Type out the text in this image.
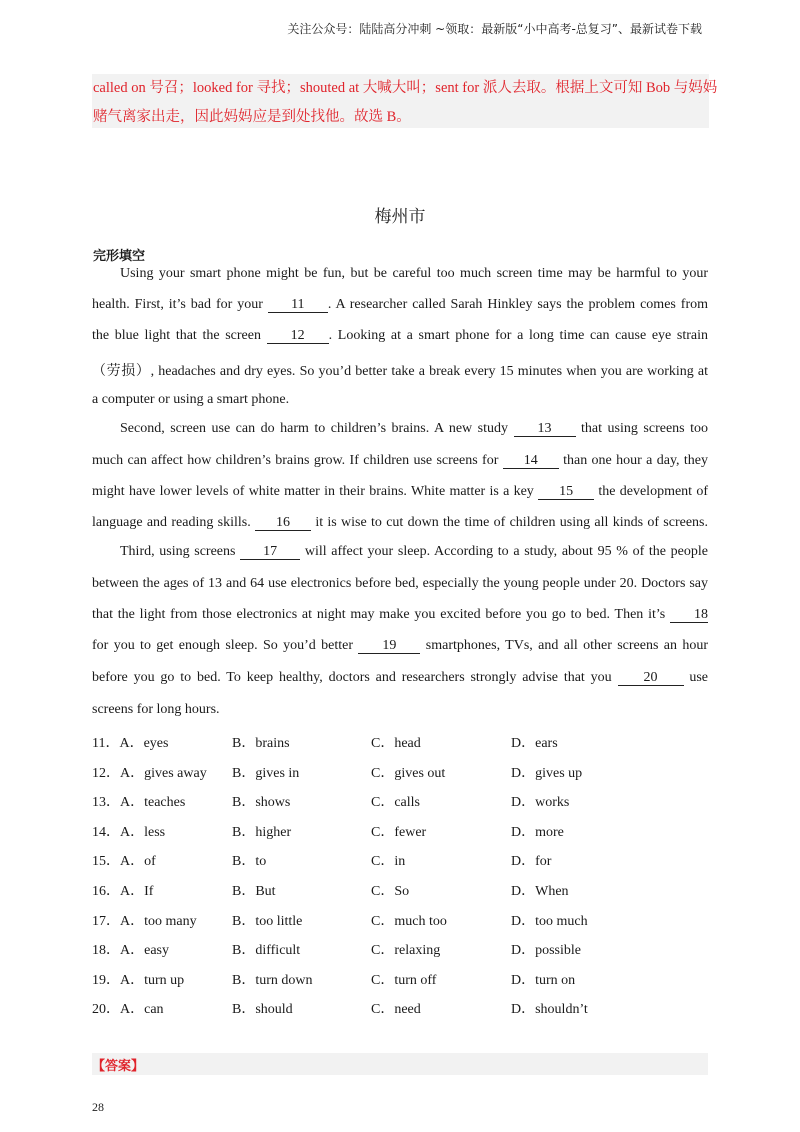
关注公众号：陆陆高分冲刺 ~领取：最新版“小中高考-总复习”、最新试卷下载
called on 号召；looked for 寻找；shouted at 大喊大叫；sent for 派人去取。根据上文可知 Bob 与妈妈
赌气离家出走，因此妈妈应是到处找他。故选 B。
梅州市
完形填空
Using your smart phone might be fun, but be careful too much screen time may be harmful to your
health. First, it’s bad for your 11 . A researcher called Sarah Hinkley says the problem comes from
the blue light that the screen 12 . Looking at a smart phone for a long time can cause eye strain
（劳损）, headaches and dry eyes. So you’d better take a break every 15 minutes when you are working at
a computer or using a smart phone.
Second, screen use can do harm to children’s brains. A new study 13 that using screens too
much can affect how children’s brains grow. If children use screens for 14 than one hour a day, they
might have lower levels of white matter in their brains. White matter is a key 15 the development of
language and reading skills. 16 it is wise to cut down the time of children using all kinds of screens.
Third, using screens 17 will affect your sleep. According to a study, about 95 % of the people
between the ages of 13 and 64 use electronics before bed, especially the young people under 20. Doctors say
that the light from those electronics at night may make you excited before you go to bed. Then it’s 18
for you to get enough sleep. So you’d better 19 smartphones, TVs, and all other screens an hour
before you go to bed. To keep healthy, doctors and researchers strongly advise that you 20 use
screens for long hours.
11．A．eyes	B．brains	C．head	D．ears
12．A．gives away B．gives in	C．gives out	D．gives up
13．A．teaches	B．shows	C．calls	D．works
14．A．less	B．higher	C．fewer	D．more
15．A．of	B．to	C．in	D．for
16．A．If	B．But	C．So	D．When
17．A．too many	B．too little	C．much too	D．too much
18．A．easy	B．difficult	C．relaxing	D．possible
19．A．turn up	B．turn down	C．turn off	D．turn on
20．A．can	B．should	C．need	D．shouldn’t
【答案】
28
